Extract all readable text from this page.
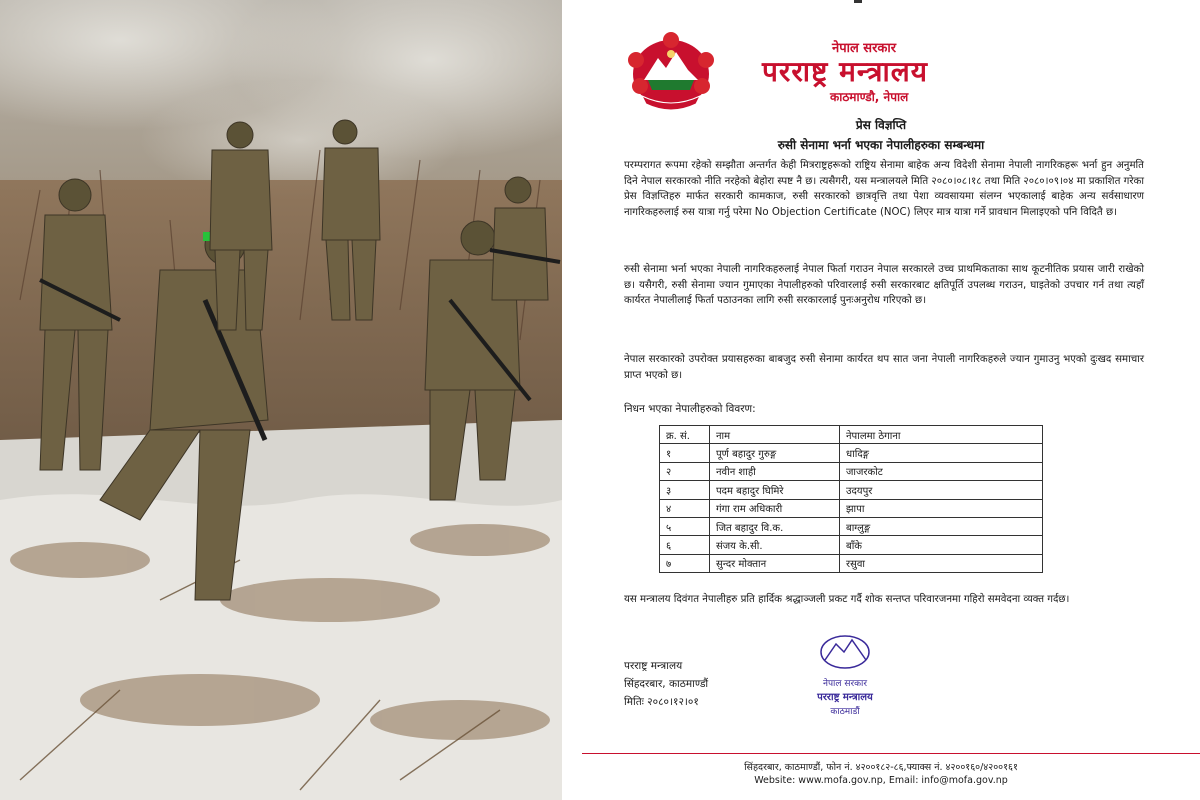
नेपाल सरकार
परराष्ट्र मन्त्रालय
काठमाण्डौ, नेपाल
प्रेस विज्ञप्ति
रुसी सेनामा भर्ना भएका नेपालीहरुका सम्बन्धमा

परम्परागत रूपमा रहेको सम्झौता अन्तर्गत केही मित्रराष्ट्रहरूको राष्ट्रिय सेनामा बाहेक अन्य विदेशी सेनामा नेपाली नागरिकहरू भर्ना हुन अनुमति दिने नेपाल सरकारको नीति नरहेको बेहोरा स्पष्ट नै छ। त्यसैगरी, यस मन्त्रालयले मिति २०८०।०८।१८ तथा मिति २०८०।०९।०४ मा प्रकाशित गरेका प्रेस विज्ञप्तिहरु मार्फत सरकारी कामकाज, रुसी सरकारको छात्रवृत्ति तथा पेशा व्यवसायमा संलग्न भएकालाई बाहेक अन्य सर्वसाधारण नागरिकहरुलाई रुस यात्रा गर्नु परेमा No Objection Certificate (NOC) लिएर मात्र यात्रा गर्ने प्रावधान मिलाइएको पनि विदितै छ।

रुसी सेनामा भर्ना भएका नेपाली नागरिकहरुलाई नेपाल फिर्ता गराउन नेपाल सरकारले उच्च प्राथमिकताका साथ कूटनीतिक प्रयास जारी राखेको छ। यसैगरी, रुसी सेनामा ज्यान गुमाएका नेपालीहरुको परिवारलाई रुसी सरकारबाट क्षतिपूर्ति उपलब्ध गराउन, घाइतेको उपचार गर्न तथा त्यहाँ कार्यरत नेपालीलाई फिर्ता पठाउनका लागि रुसी सरकारलाई पुनःअनुरोध गरिएको छ।

नेपाल सरकारको उपरोक्त प्रयासहरुका बाबजुद रुसी सेनामा कार्यरत थप सात जना नेपाली नागरिकहरुले ज्यान गुमाउनु भएको दुःखद समाचार प्राप्त भएको छ।

निधन भएका नेपालीहरुको विवरण:
क्र. सं.	नाम	नेपालमा ठेगाना
१	पूर्ण बहादुर गुरुङ्ग	धादिङ्ग
२	नवीन शाही	जाजरकोट
३	पदम बहादुर घिमिरे	उदयपुर
४	गंगा राम अधिकारी	झापा
५	जित बहादुर वि.क.	बाग्लुङ्ग
६	संजय के.सी.	बाँके
७	सुन्दर मोक्तान	रसुवा

यस मन्त्रालय दिवंगत नेपालीहरु प्रति हार्दिक श्रद्धाञ्जली प्रकट गर्दै शोक सन्तप्त परिवारजनमा गहिरो समवेदना व्यक्त गर्दछ।

परराष्ट्र मन्त्रालय
सिंहदरबार, काठमाण्डौं
मितिः २०८०।१२।०१
नेपाल सरकार
परराष्ट्र मन्त्रालय
काठमाडौं
सिंहदरबार, काठमाण्डौं, फोन नं. ४२००१८२-८६,फ्याक्स नं. ४२००१६०/४२००१६१
Website: www.mofa.gov.np, Email: info@mofa.gov.np
